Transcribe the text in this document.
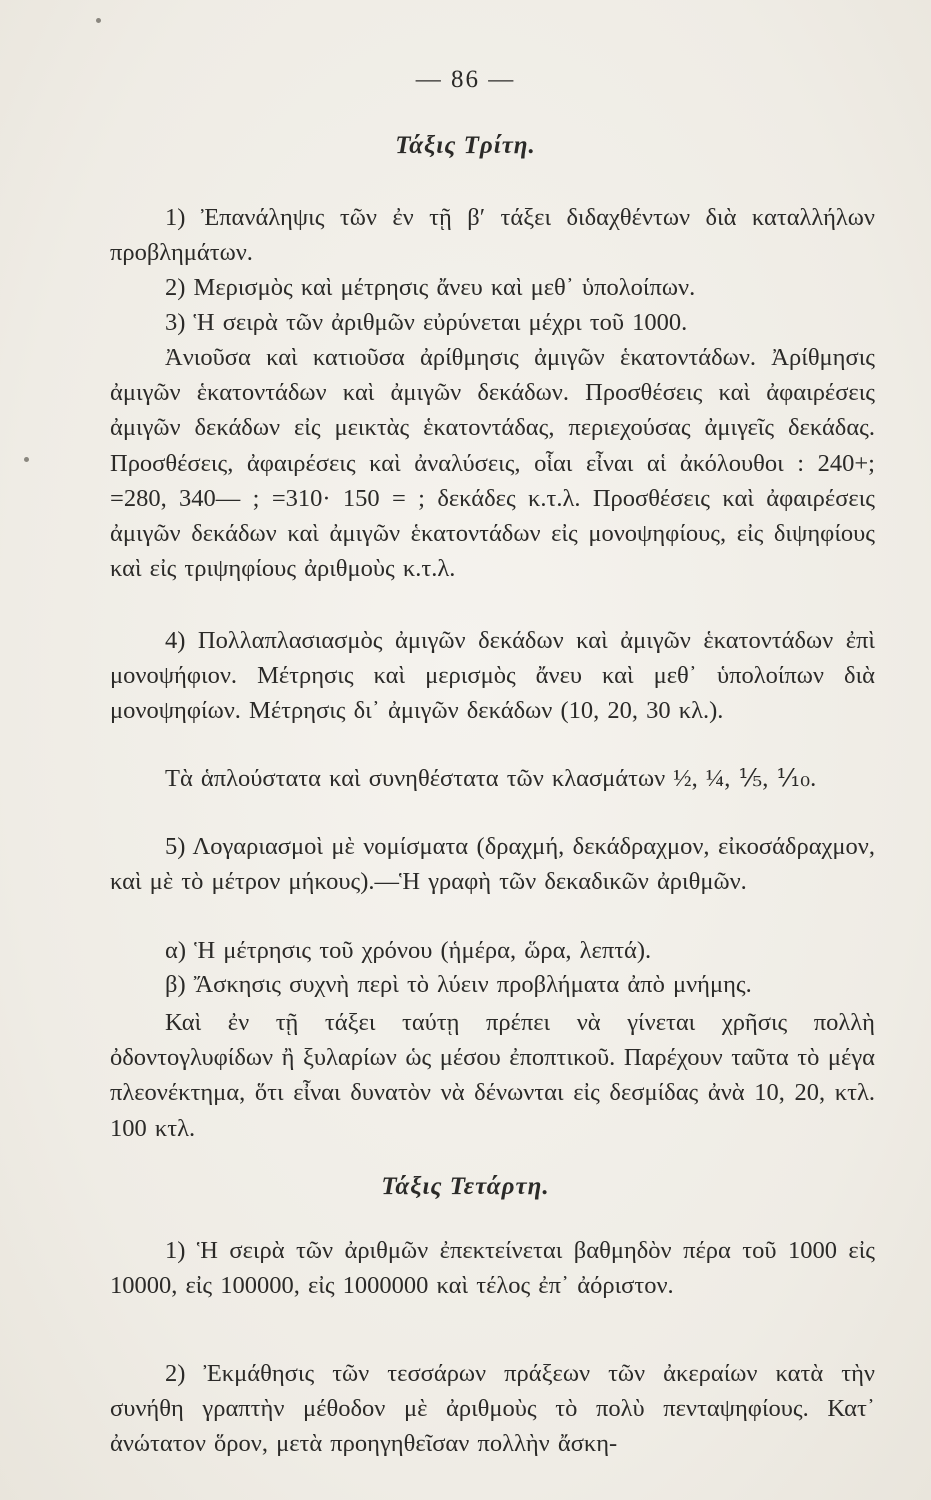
— 86 —
Τάξις Τρίτη.
1) Ἐπανάληψις τῶν ἐν τῇ β′ τάξει διδαχθέντων διὰ καταλλήλων προβλημάτων.
2) Μερισμὸς καὶ μέτρησις ἄνευ καὶ μεθ᾽ ὑπολοίπων.
3) Ἡ σειρὰ τῶν ἀριθμῶν εὐρύνεται μέχρι τοῦ 1000.
Ἀνιοῦσα καὶ κατιοῦσα ἀρίθμησις ἀμιγῶν ἑκατοντάδων. Ἀρίθμησις ἀμιγῶν ἑκατοντάδων καὶ ἀμιγῶν δεκάδων. Προσθέσεις καὶ ἀφαιρέσεις ἀμιγῶν δεκάδων εἰς μεικτὰς ἑκατοντάδας, περιεχούσας ἀμιγεῖς δεκάδας. Προσθέσεις, ἀφαιρέσεις καὶ ἀναλύσεις, οἷαι εἶναι αἱ ἀκόλουθοι : 240+; =280, 340— ; =310· 150 = ; δεκάδες κ.τ.λ. Προσθέσεις καὶ ἀφαιρέσεις ἀμιγῶν δεκάδων καὶ ἀμιγῶν ἑκατοντάδων εἰς μονοψηφίους, εἰς διψηφίους καὶ εἰς τριψηφίους ἀριθμοὺς κ.τ.λ.
4) Πολλαπλασιασμὸς ἀμιγῶν δεκάδων καὶ ἀμιγῶν ἑκατοντάδων ἐπὶ μονοψήφιον. Μέτρησις καὶ μερισμὸς ἄνευ καὶ μεθ᾽ ὑπολοίπων διὰ μονοψηφίων. Μέτρησις δι᾽ ἀμιγῶν δεκάδων (10, 20, 30 κλ.).
Τὰ ἁπλούστατα καὶ συνηθέστατα τῶν κλασμάτων ½, ¼, ⅕, ⅒.
5) Λογαριασμοὶ μὲ νομίσματα (δραχμή, δεκάδραχμον, εἰκοσάδραχμον, καὶ μὲ τὸ μέτρον μήκους).—Ἡ γραφὴ τῶν δεκαδικῶν ἀριθμῶν.
α) Ἡ μέτρησις τοῦ χρόνου (ἡμέρα, ὥρα, λεπτά).
β) Ἄσκησις συχνὴ περὶ τὸ λύειν προβλήματα ἀπὸ μνήμης.
Καὶ ἐν τῇ τάξει ταύτῃ πρέπει νὰ γίνεται χρῆσις πολλὴ ὀδοντογλυφίδων ἢ ξυλαρίων ὡς μέσου ἐποπτικοῦ. Παρέχουν ταῦτα τὸ μέγα πλεονέκτημα, ὅτι εἶναι δυνατὸν νὰ δένωνται εἰς δεσμίδας ἀνὰ 10, 20, κτλ. 100 κτλ.
Τάξις Τετάρτη.
1) Ἡ σειρὰ τῶν ἀριθμῶν ἐπεκτείνεται βαθμηδὸν πέρα τοῦ 1000 εἰς 10000, εἰς 100000, εἰς 1000000 καὶ τέλος ἐπ᾽ ἀόριστον.
2) Ἐκμάθησις τῶν τεσσάρων πράξεων τῶν ἀκεραίων κατὰ τὴν συνήθη γραπτὴν μέθοδον μὲ ἀριθμοὺς τὸ πολὺ πενταψηφίους. Κατ᾽ ἀνώτατον ὅρον, μετὰ προηγηθεῖσαν πολλὴν ἄσκη-
